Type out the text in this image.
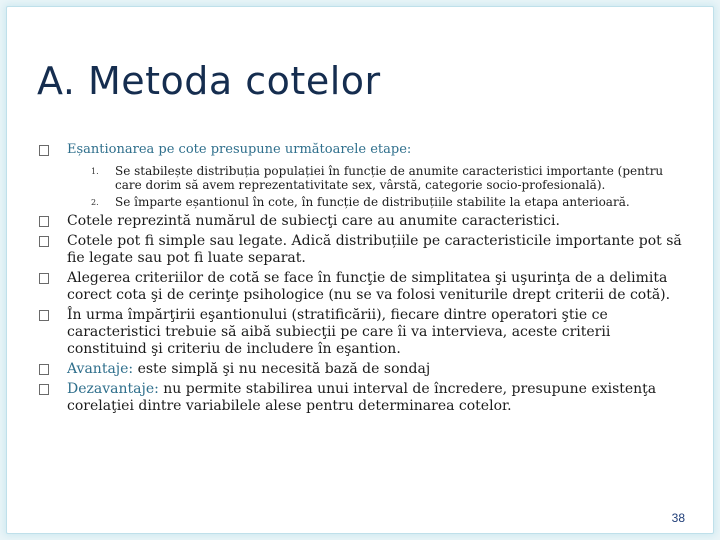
A. Metoda cotelor
Eșantionarea pe cote presupune următoarele etape:
1. Se stabilește distribuția populației în funcție de anumite caracteristici importante (pentru care dorim să avem reprezentativitate sex, vârstă, categorie socio-profesională).
2. Se împarte eșantionul în cote, în funcție de distribuțiile stabilite la etapa anterioară.
Cotele reprezintă numărul de subiecţi care au anumite caracteristici.
Cotele pot fi simple sau legate. Adică distribuțiile pe caracteristicile importante pot să fie legate sau pot fi luate separat.
Alegerea criteriilor de cotă se face în funcţie de simplitatea şi uşurinţa de a delimita corect cota şi de cerinţe psihologice (nu se va folosi veniturile drept criterii de cotă).
În urma împărţirii eşantionului (stratificării), fiecare dintre operatori ştie ce caracteristici trebuie să aibă subiecţii pe care îi va intervieva, aceste criterii constituind şi criteriu de includere în eşantion.
Avantaje: este simplă şi nu necesită bază de sondaj
Dezavantaje: nu permite stabilirea unui interval de încredere, presupune existenţa corelaţiei dintre variabilele alese pentru determinarea cotelor.
38
